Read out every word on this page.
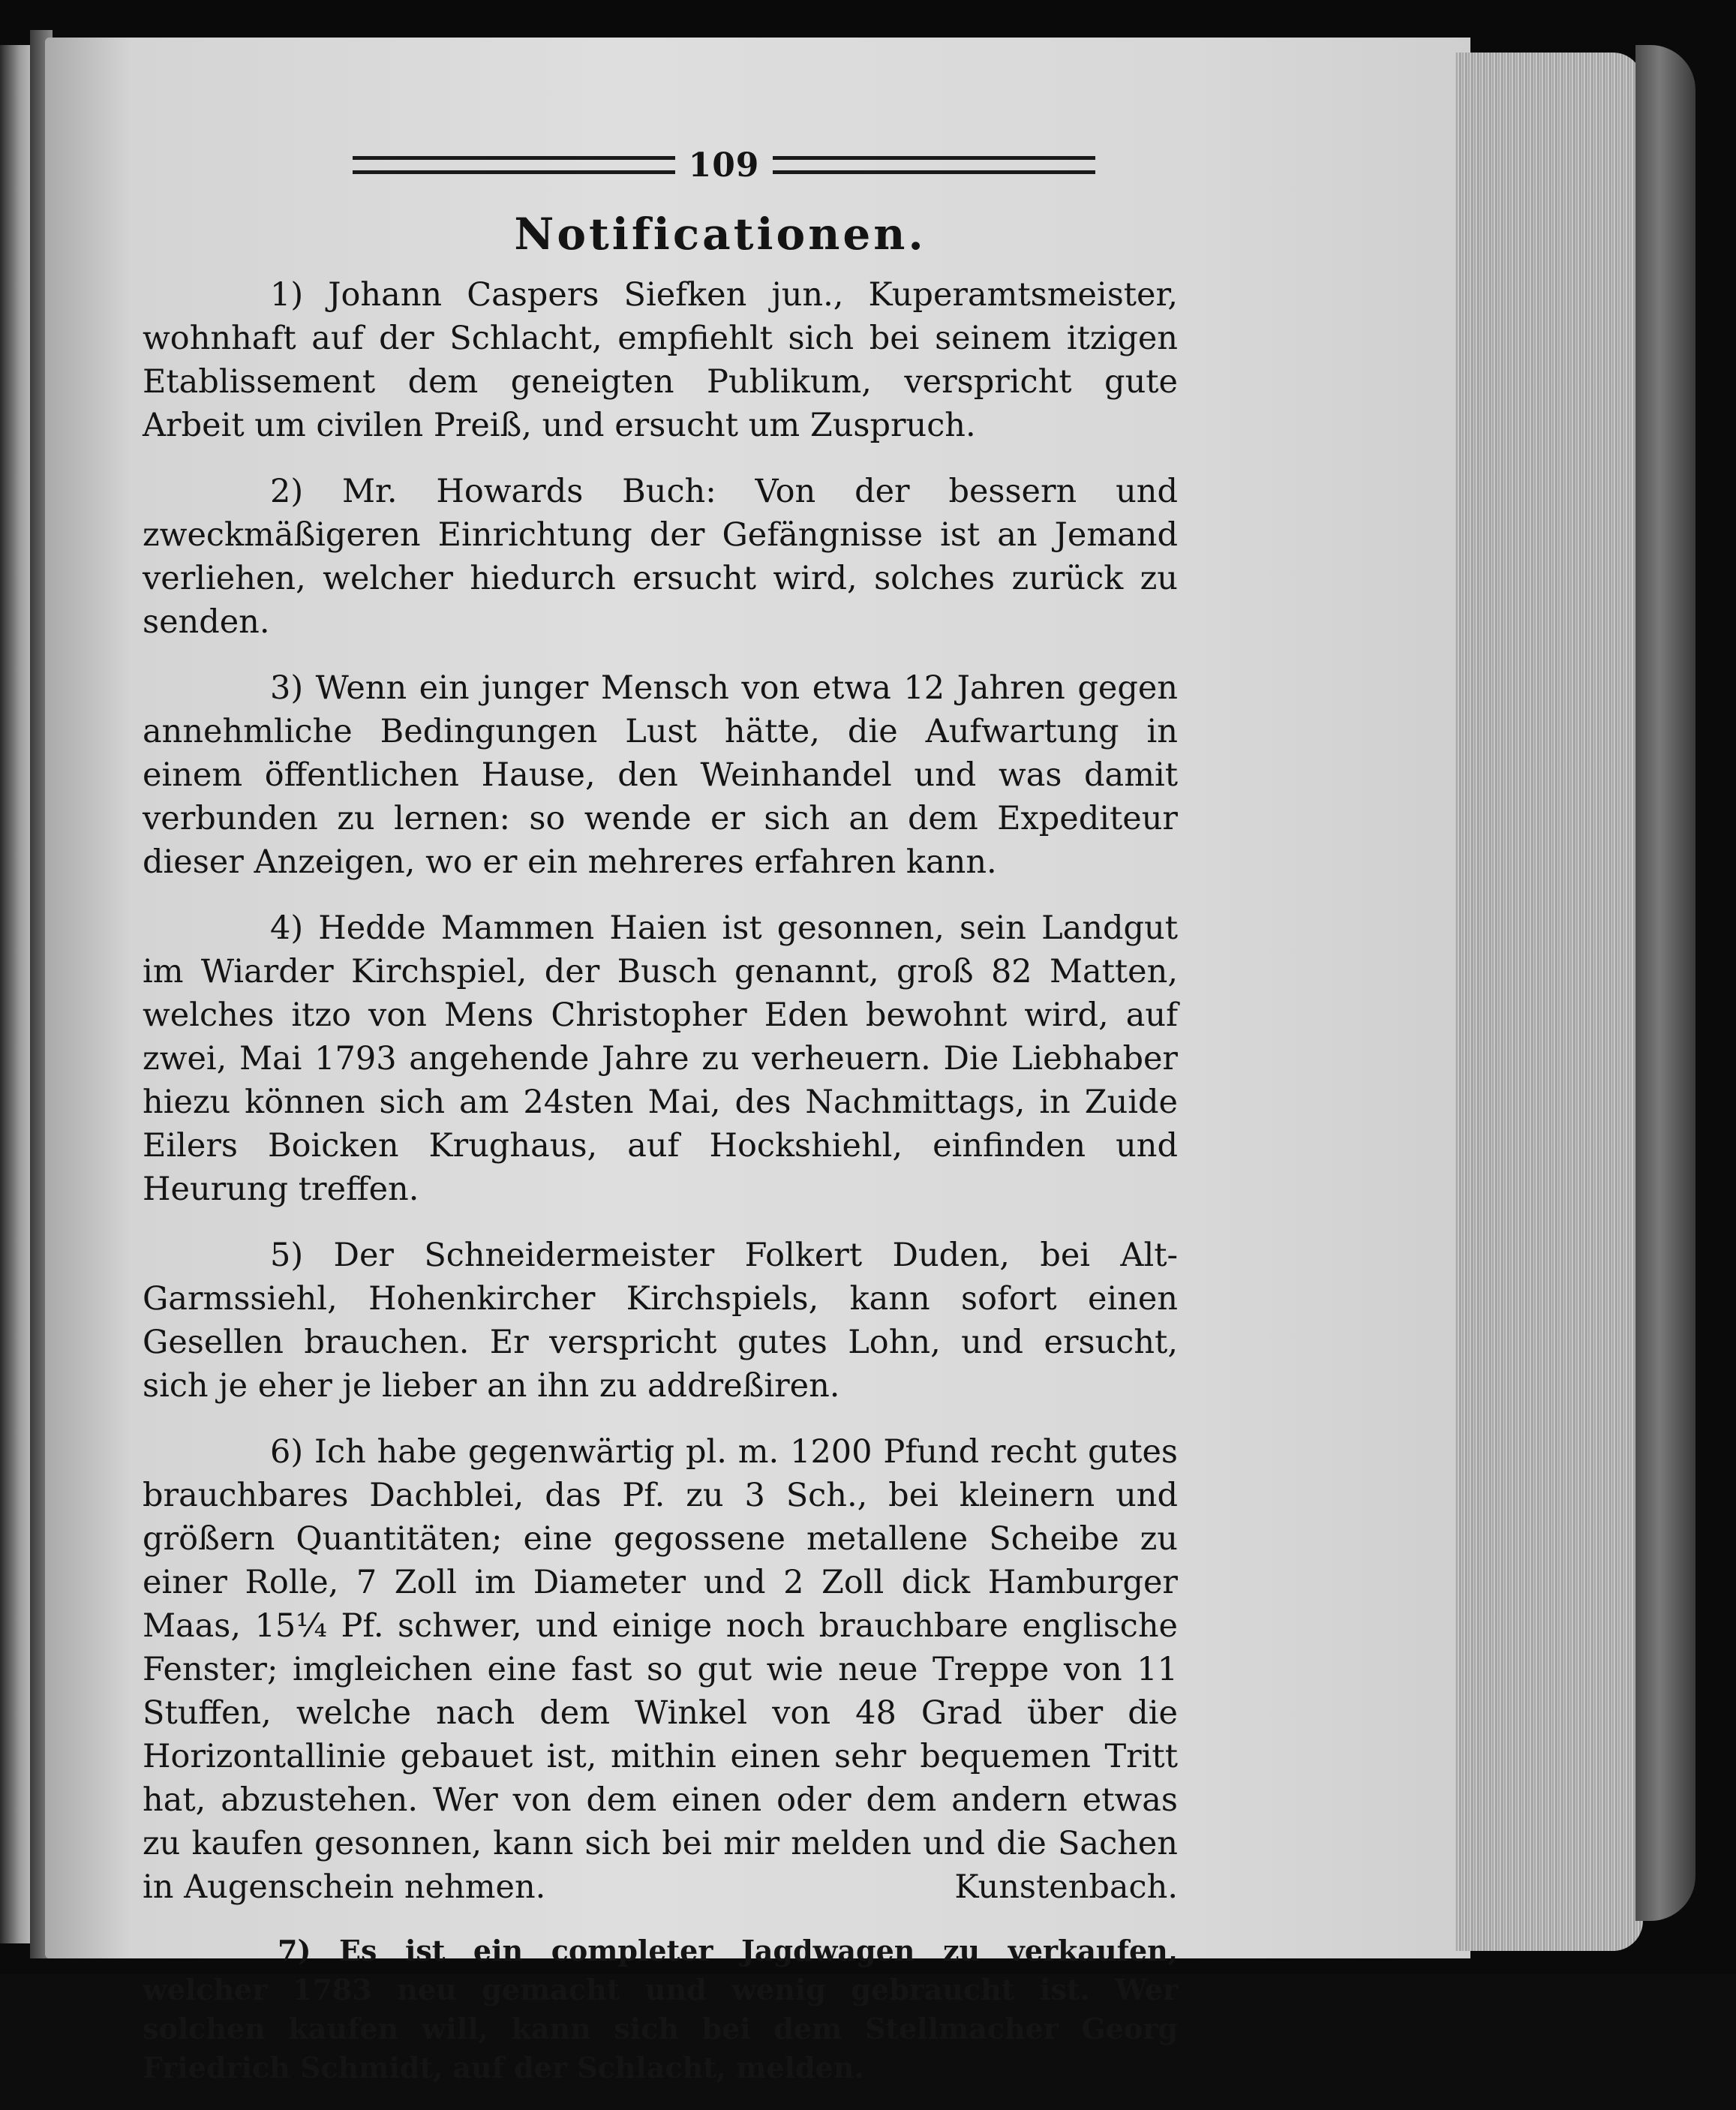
109
Notificationen.

1) Johann Caspers Siefken jun., Kuperamtsmeister, wohnhaft auf der Schlacht, empfiehlt sich bei seinem itzigen Etablissement dem geneigten Publikum, verspricht gute Arbeit um civilen Preiß, und ersucht um Zuspruch.

2) Mr. Howards Buch: Von der bessern und zweckmäßigeren Einrichtung der Gefängnisse ist an Jemand verliehen, welcher hiedurch ersucht wird, solches zurück zu senden.

3) Wenn ein junger Mensch von etwa 12 Jahren gegen annehmliche Bedingungen Lust hätte, die Aufwartung in einem öffentlichen Hause, den Weinhandel und was damit verbunden zu lernen: so wende er sich an dem Expediteur dieser Anzeigen, wo er ein mehreres erfahren kann.

4) Hedde Mammen Haien ist gesonnen, sein Landgut im Wiarder Kirchspiel, der Busch genannt, groß 82 Matten, welches itzo von Mens Christopher Eden bewohnt wird, auf zwei, Mai 1793 angehende Jahre zu verheuern. Die Liebhaber hiezu können sich am 24sten Mai, des Nachmittags, in Zuide Eilers Boicken Krughaus, auf Hockshiehl, einfinden und Heurung treffen.

5) Der Schneidermeister Folkert Duden, bei Alt-Garmssiehl, Hohenkircher Kirchspiels, kann sofort einen Gesellen brauchen. Er verspricht gutes Lohn, und ersucht, sich je eher je lieber an ihn zu addreßiren.

6) Ich habe gegenwärtig pl. m. 1200 Pfund recht gutes brauchbares Dachblei, das Pf. zu 3 Sch., bei kleinern und größern Quantitäten; eine gegossene metallene Scheibe zu einer Rolle, 7 Zoll im Diameter und 2 Zoll dick Hamburger Maas, 15¼ Pf. schwer, und einige noch brauchbare englische Fenster; imgleichen eine fast so gut wie neue Treppe von 11 Stuffen, welche nach dem Winkel von 48 Grad über die Horizontallinie gebauet ist, mithin einen sehr bequemen Tritt hat, abzustehen. Wer von dem einen oder dem andern etwas zu kaufen gesonnen, kann sich bei mir melden und die Sachen in Augenschein nehmen.	Kunstenbach.

7) Es ist ein completer Jagdwagen zu verkaufen, welcher 1783 neu gemacht und wenig gebraucht ist. Wer solchen kaufen will, kann sich bei dem Stellmacher Georg Friedrich Schmidt, auf der Schlacht, melden.
